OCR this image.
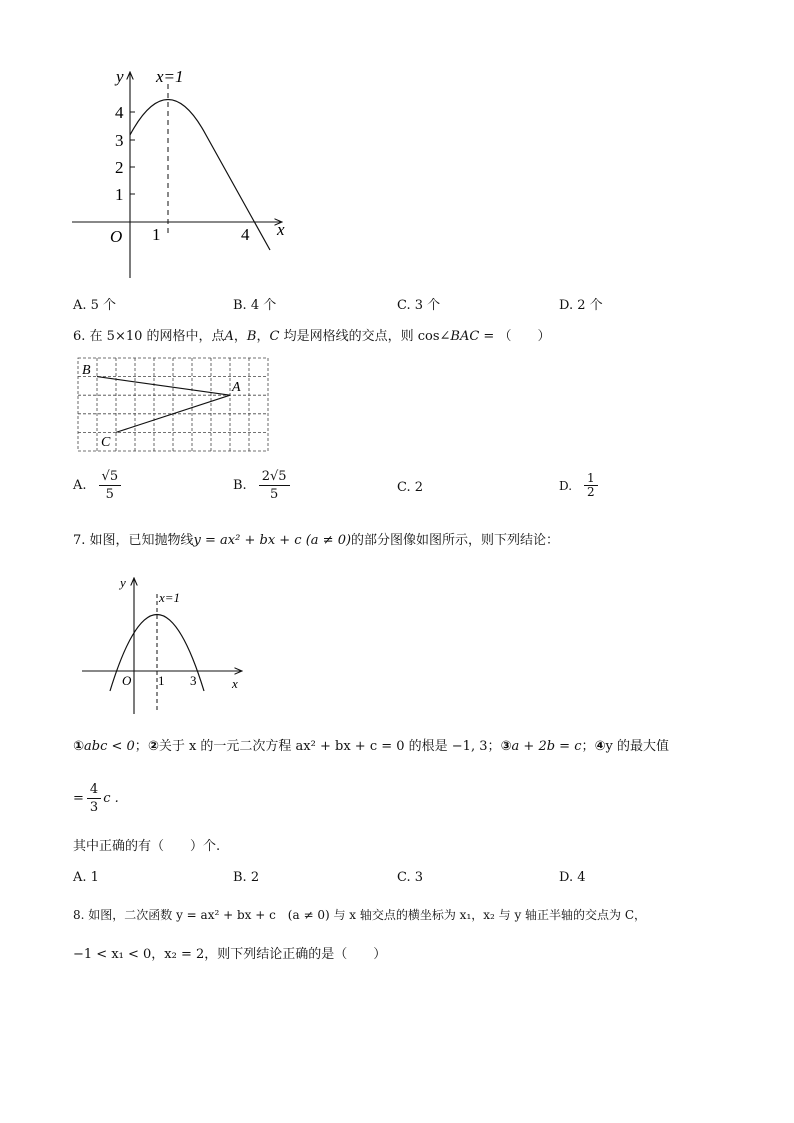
y x=1
4
3
2
1
O 1	4 x
A. 5 个	B. 4 个	C. 3 个	D. 2 个
6. 在 5×10 的网格中，点A，B，C 均是网格线的交点，则 cos∠BAC = （　　）
B
A
C
A. $\frac{√5}{5}$	B. $\frac{2√5}{5}$	C. 2	D. $\frac{1}{2}$
7. 如图，已知抛物线y = ax² + bx + c (a ≠ 0)的部分图像如图所示，则下列结论：
y
x=1
O 1 3	x
①abc < 0；②关于 x 的一元二次方程 ax² + bx + c = 0 的根是 −1, 3；③a + 2b = c；④y 的最大值
= $\frac{4}{3}$ c .
其中正确的有（　　）个.
A. 1	B. 2	C. 3	D. 4
8. 如图，二次函数 y = ax² + bx + c　(a ≠ 0) 与 x 轴交点的横坐标为 x₁，x₂ 与 y 轴正半轴的交点为 C，
−1 < x₁ < 0，x₂ = 2，则下列结论正确的是（　　）
